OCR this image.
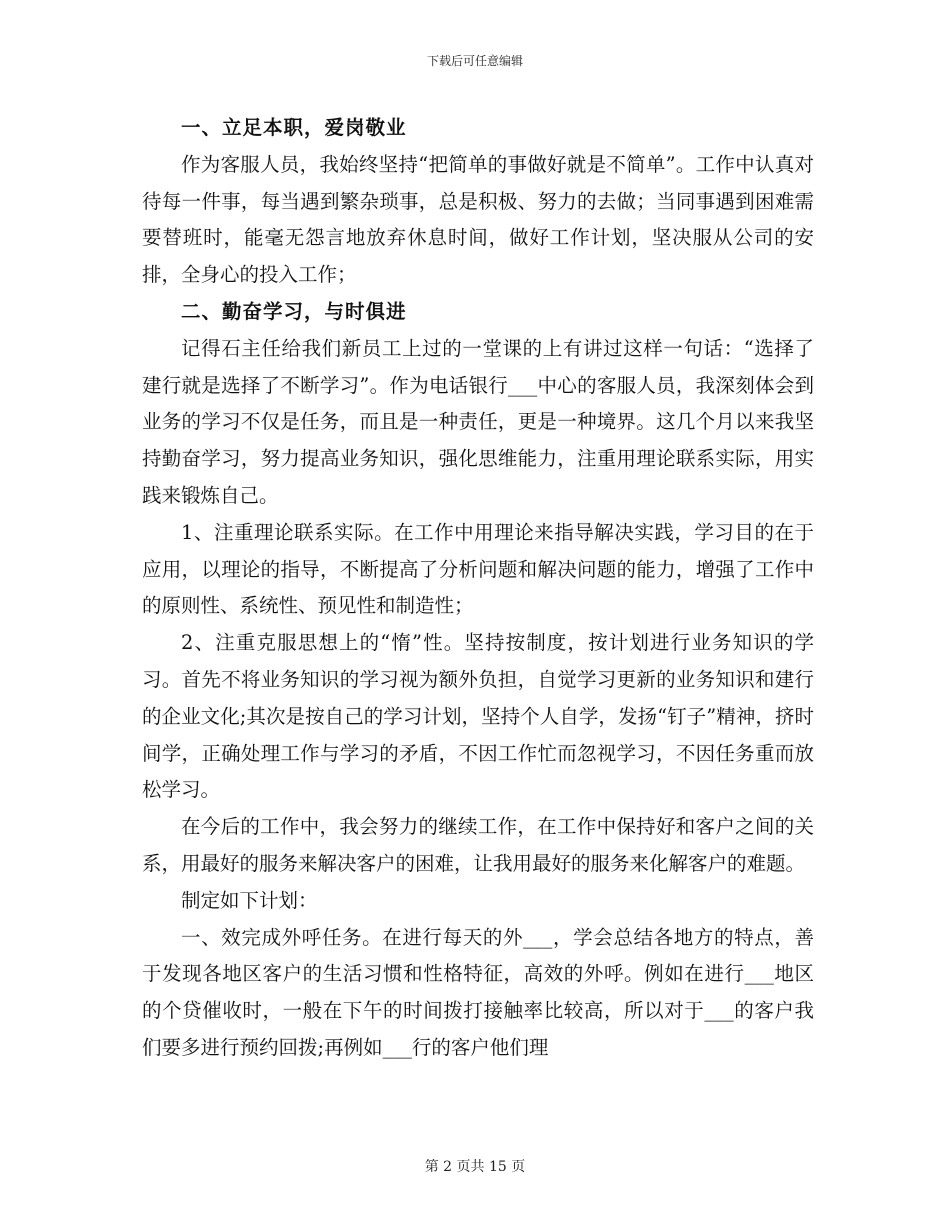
下载后可任意编辑

一、立足本职，爱岗敬业

作为客服人员，我始终坚持“把简单的事做好就是不简单”。工作中认真对待每一件事，每当遇到繁杂琐事，总是积极、努力的去做；当同事遇到困难需要替班时，能毫无怨言地放弃休息时间，做好工作计划，坚决服从公司的安排，全身心的投入工作；

二、勤奋学习，与时俱进

记得石主任给我们新员工上过的一堂课的上有讲过这样一句话：“选择了建行就是选择了不断学习”。作为电话银行___中心的客服人员，我深刻体会到业务的学习不仅是任务，而且是一种责任，更是一种境界。这几个月以来我坚持勤奋学习，努力提高业务知识，强化思维能力，注重用理论联系实际，用实践来锻炼自己。

1、注重理论联系实际。在工作中用理论来指导解决实践，学习目的在于应用，以理论的指导，不断提高了分析问题和解决问题的能力，增强了工作中的原则性、系统性、预见性和制造性；

2、注重克服思想上的“惰”性。坚持按制度，按计划进行业务知识的学习。首先不将业务知识的学习视为额外负担，自觉学习更新的业务知识和建行的企业文化;其次是按自己的学习计划，坚持个人自学，发扬“钉子”精神，挤时间学，正确处理工作与学习的矛盾，不因工作忙而忽视学习，不因任务重而放松学习。

在今后的工作中，我会努力的继续工作，在工作中保持好和客户之间的关系，用最好的服务来解决客户的困难，让我用最好的服务来化解客户的难题。

制定如下计划：

一、效完成外呼任务。在进行每天的外___，学会总结各地方的特点，善于发现各地区客户的生活习惯和性格特征，高效的外呼。例如在进行___地区的个贷催收时，一般在下午的时间拨打接触率比较高，所以对于___的客户我们要多进行预约回拨;再例如___行的客户他们理

第 2 页共 15 页
